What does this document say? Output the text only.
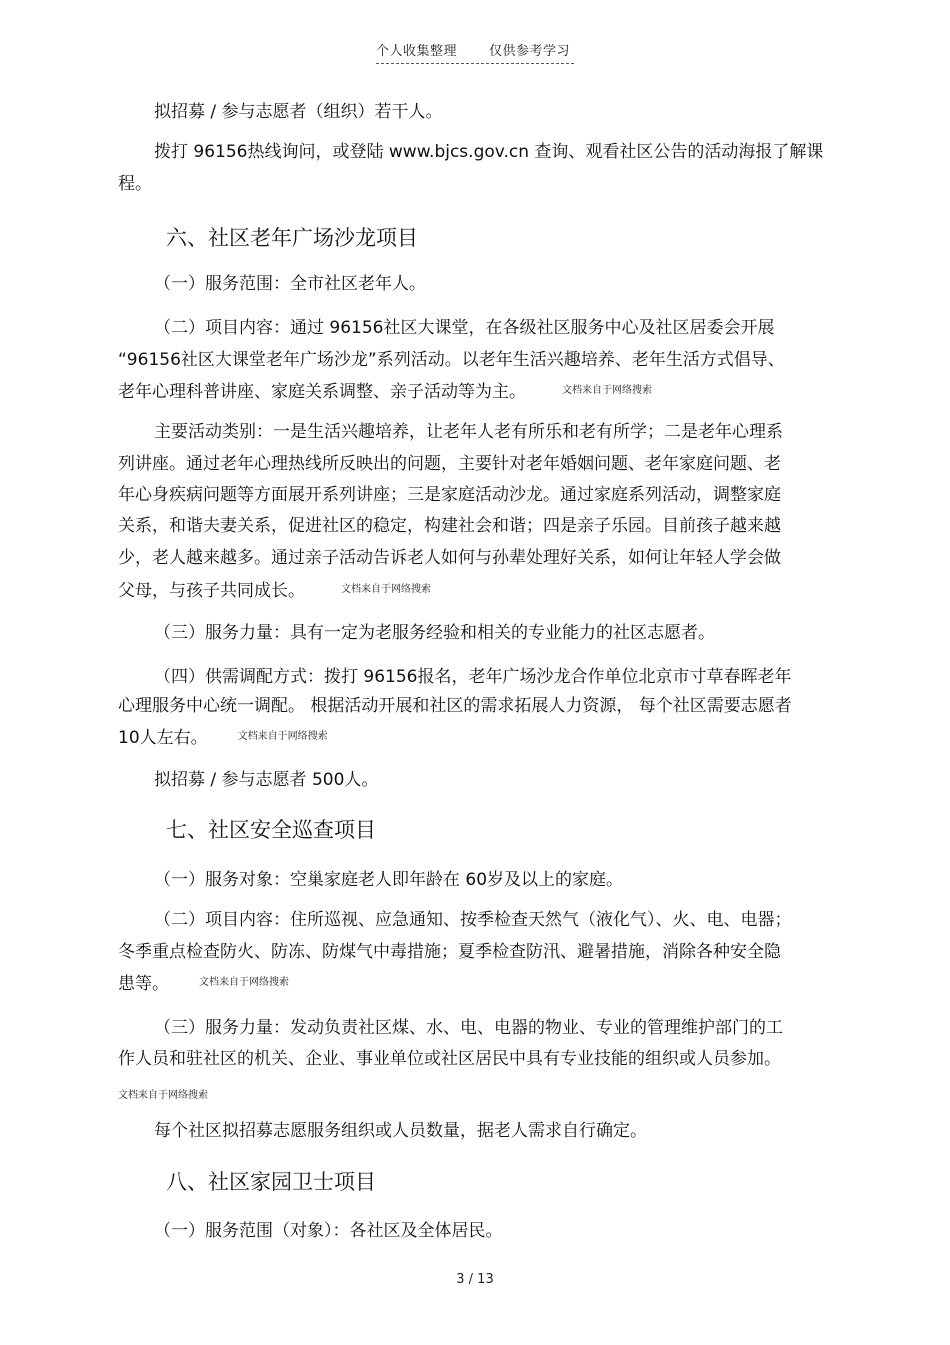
个人收集整理 仅供参考学习
拟招募 / 参与志愿者（组织）若干人。
拨打 96156热线询问，或登陆 www.bjcs.gov.cn 查询、观看社区公告的活动海报了解课
程。
六、社区老年广场沙龙项目
（一）服务范围：全市社区老年人。
（二）项目内容：通过 96156社区大课堂，在各级社区服务中心及社区居委会开展
“96156社区大课堂老年广场沙龙”系列活动。以老年生活兴趣培养、老年生活方式倡导、
老年心理科普讲座、家庭关系调整、亲子活动等为主。	$^{文档来自于网络搜索}$
主要活动类别：一是生活兴趣培养，让老年人老有所乐和老有所学；二是老年心理系
列讲座。通过老年心理热线所反映出的问题，主要针对老年婚姻问题、老年家庭问题、老
年心身疾病问题等方面展开系列讲座；三是家庭活动沙龙。通过家庭系列活动，调整家庭
关系，和谐夫妻关系，促进社区的稳定，构建社会和谐；四是亲子乐园。目前孩子越来越
少，老人越来越多。通过亲子活动告诉老人如何与孙辈处理好关系，如何让年轻人学会做
父母，与孩子共同成长。	$^{文档来自于网络搜索}$
（三）服务力量：具有一定为老服务经验和相关的专业能力的社区志愿者。
（四）供需调配方式：拨打 96156报名，老年广场沙龙合作单位北京市寸草春晖老年
心理服务中心统一调配。 根据活动开展和社区的需求拓展人力资源， 每个社区需要志愿者
10人左右。	$^{文档来自于网络搜索}$
拟招募 / 参与志愿者 500人。
七、社区安全巡查项目
（一）服务对象：空巢家庭老人即年龄在 60岁及以上的家庭。
（二）项目内容：住所巡视、应急通知、按季检查天然气（液化气）、火、电、电器；
冬季重点检查防火、防冻、防煤气中毒措施；夏季检查防汛、避暑措施，消除各种安全隐
患等。	$^{文档来自于网络搜索}$
（三）服务力量：发动负责社区煤、水、电、电器的物业、专业的管理维护部门的工
作人员和驻社区的机关、企业、事业单位或社区居民中具有专业技能的组织或人员参加。
文档来自于网络搜索
每个社区拟招募志愿服务组织或人员数量，据老人需求自行确定。
八、社区家园卫士项目
（一）服务范围（对象）：各社区及全体居民。
3 / 13
